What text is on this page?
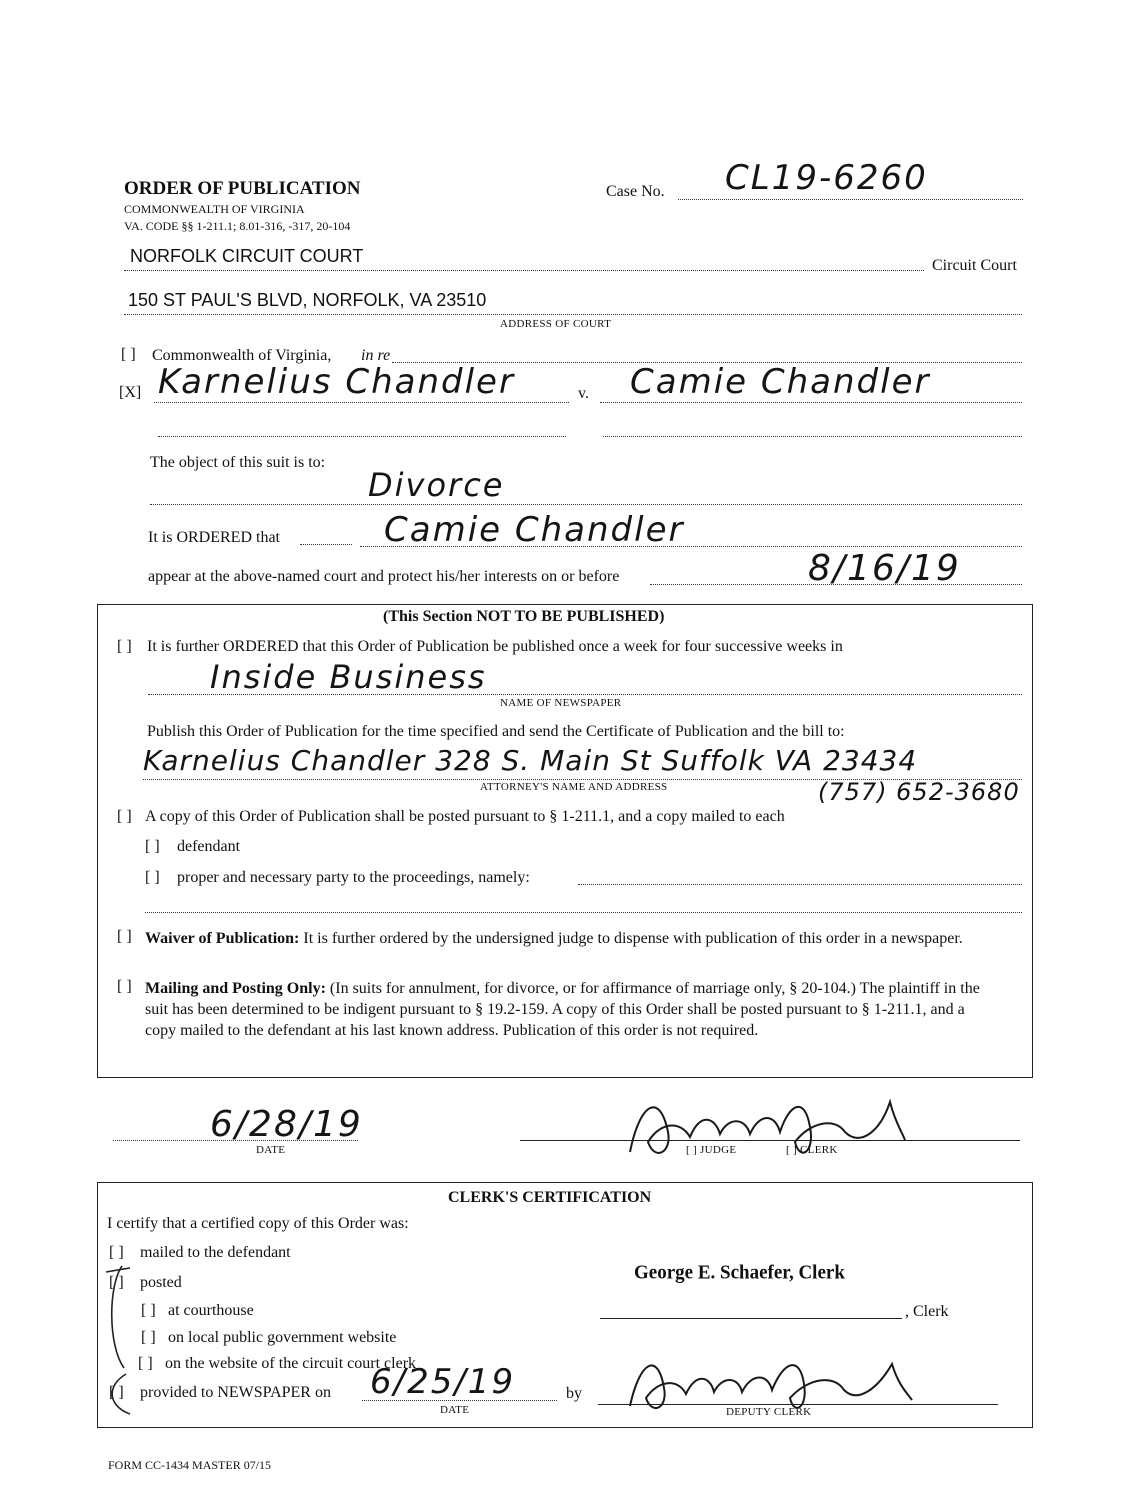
ORDER OF PUBLICATION
COMMONWEALTH OF VIRGINIA
VA. CODE §§ 1-211.1; 8.01-316, -317, 20-104
Case No. CL19-6260
NORFOLK CIRCUIT COURT	Circuit Court
150 ST PAUL'S BLVD, NORFOLK, VA 23510
ADDRESS OF COURT
[ ] Commonwealth of Virginia, in re
[X] Karnelius Chandler	v. Camie Chandler
The object of this suit is to:
Divorce
It is ORDERED that	Camie Chandler
appear at the above-named court and protect his/her interests on or before	8/16/19
(This Section NOT TO BE PUBLISHED)
[ ] It is further ORDERED that this Order of Publication be published once a week for four successive weeks in
Inside Business
NAME OF NEWSPAPER
Publish this Order of Publication for the time specified and send the Certificate of Publication and the bill to:
Karnelius Chandler 328 S. Main St Suffolk VA 23434
ATTORNEY'S NAME AND ADDRESS	(757) 652-3680
[ ] A copy of this Order of Publication shall be posted pursuant to § 1-211.1, and a copy mailed to each
[ ] defendant
[ ] proper and necessary party to the proceedings, namely:
[ ] Waiver of Publication: It is further ordered by the undersigned judge to dispense with publication of this order in a newspaper.
[ ] Mailing and Posting Only: (In suits for annulment, for divorce, or for affirmance of marriage only, § 20-104.) The plaintiff in the suit has been determined to be indigent pursuant to § 19.2-159. A copy of this Order shall be posted pursuant to § 1-211.1, and a copy mailed to the defendant at his last known address. Publication of this order is not required.
6/28/19
DATE	[ ] JUDGE	[ ] CLERK
CLERK'S CERTIFICATION
I certify that a certified copy of this Order was:
[ ] mailed to the defendant
[ ] posted
[ ] at courthouse
[ ] on local public government website
[ ] on the website of the circuit court clerk
[ ] provided to NEWSPAPER on 6/25/19
DATE
by
George E. Schaefer, Clerk
, Clerk
DEPUTY CLERK
FORM CC-1434 MASTER 07/15
